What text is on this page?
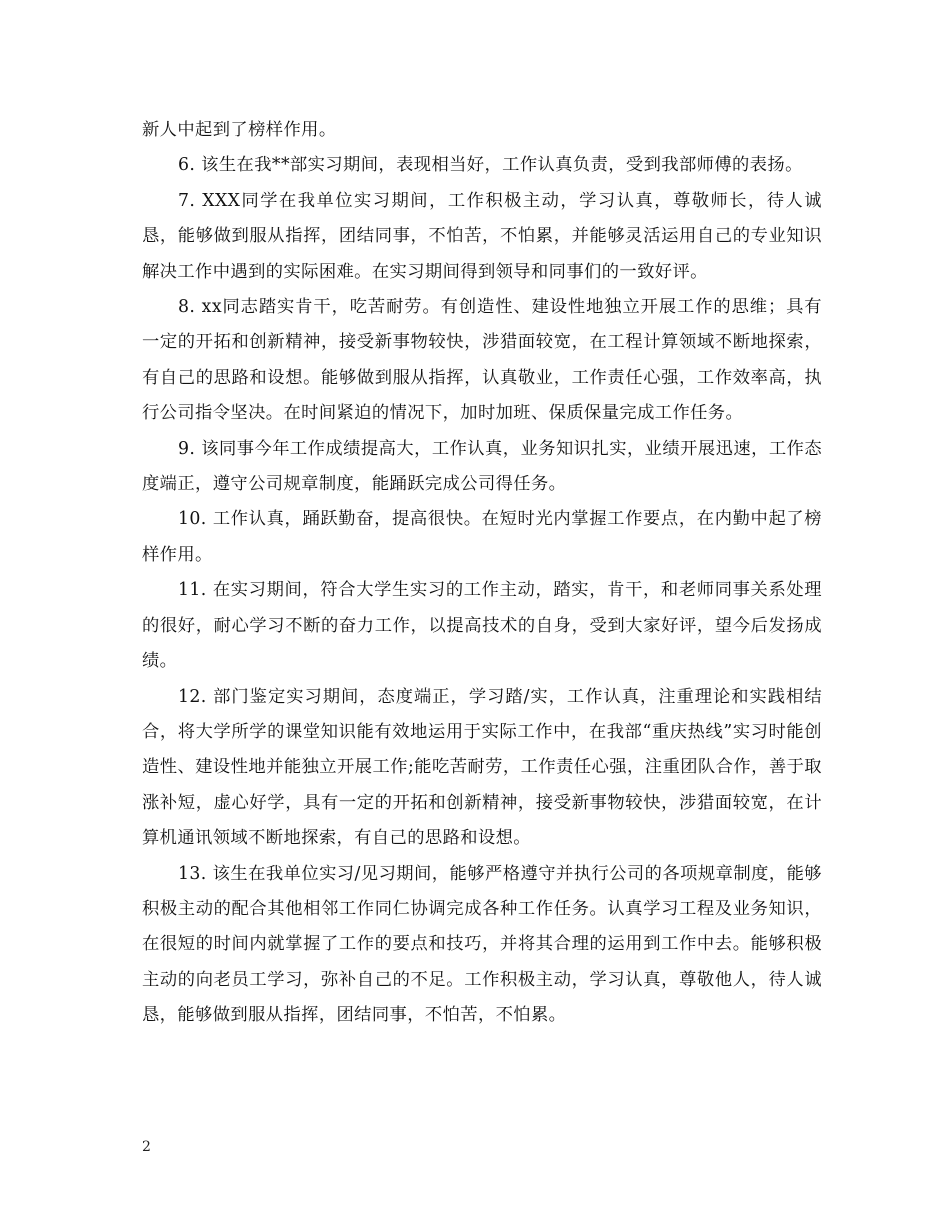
新人中起到了榜样作用。

6. 该生在我**部实习期间，表现相当好，工作认真负责，受到我部师傅的表扬。

7. XXX同学在我单位实习期间，工作积极主动，学习认真，尊敬师长，待人诚恳，能够做到服从指挥，团结同事，不怕苦，不怕累，并能够灵活运用自己的专业知识解决工作中遇到的实际困难。在实习期间得到领导和同事们的一致好评。

8. xx同志踏实肯干，吃苦耐劳。有创造性、建设性地独立开展工作的思维；具有一定的开拓和创新精神，接受新事物较快，涉猎面较宽，在工程计算领域不断地探索，有自己的思路和设想。能够做到服从指挥，认真敬业，工作责任心强，工作效率高，执行公司指令坚决。在时间紧迫的情况下，加时加班、保质保量完成工作任务。

9. 该同事今年工作成绩提高大，工作认真，业务知识扎实，业绩开展迅速，工作态度端正，遵守公司规章制度，能踊跃完成公司得任务。

10. 工作认真，踊跃勤奋，提高很快。在短时光内掌握工作要点，在内勤中起了榜样作用。

11. 在实习期间，符合大学生实习的工作主动，踏实，肯干，和老师同事关系处理的很好，耐心学习不断的奋力工作，以提高技术的自身，受到大家好评，望今后发扬成绩。

12. 部门鉴定实习期间，态度端正，学习踏/实，工作认真，注重理论和实践相结合，将大学所学的课堂知识能有效地运用于实际工作中，在我部“重庆热线”实习时能创造性、建设性地并能独立开展工作;能吃苦耐劳，工作责任心强，注重团队合作，善于取涨补短，虚心好学，具有一定的开拓和创新精神，接受新事物较快，涉猎面较宽，在计算机通讯领域不断地探索，有自己的思路和设想。

13. 该生在我单位实习/见习期间，能够严格遵守并执行公司的各项规章制度，能够积极主动的配合其他相邻工作同仁协调完成各种工作任务。认真学习工程及业务知识，在很短的时间内就掌握了工作的要点和技巧，并将其合理的运用到工作中去。能够积极主动的向老员工学习，弥补自己的不足。工作积极主动，学习认真，尊敬他人，待人诚恳，能够做到服从指挥，团结同事，不怕苦，不怕累。

2
